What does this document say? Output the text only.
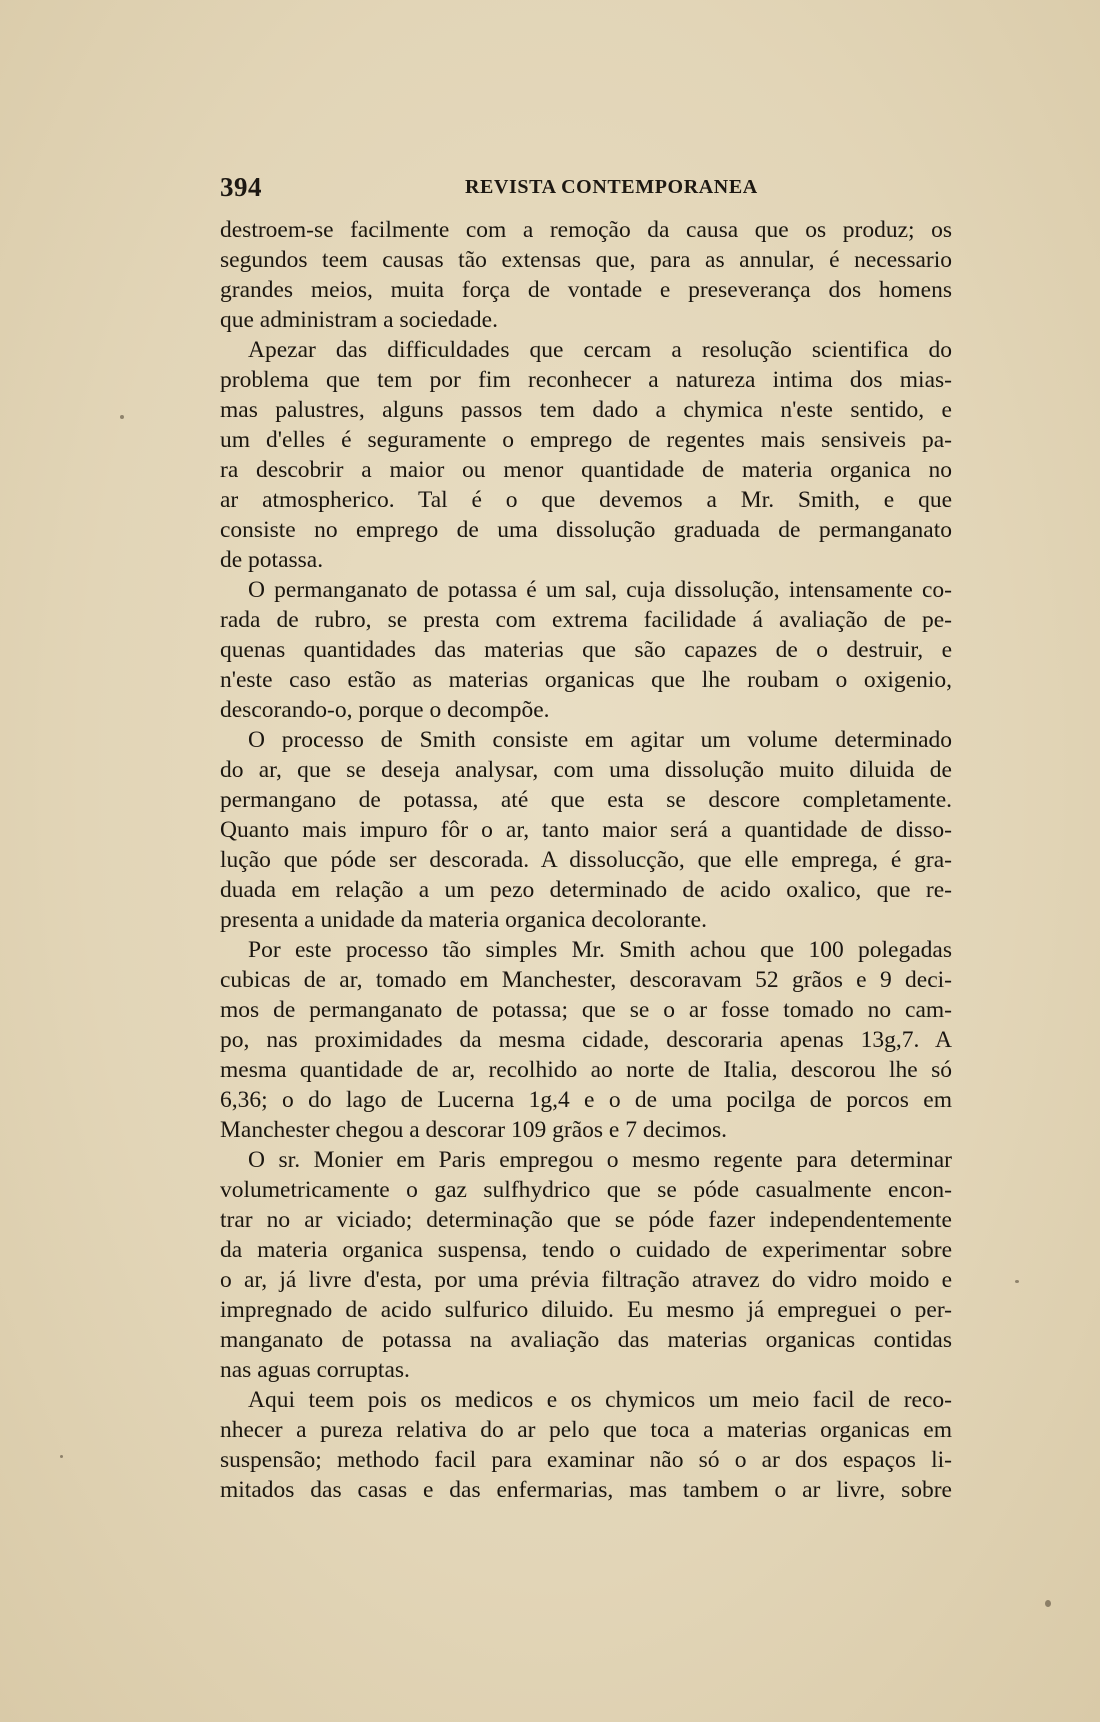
394	REVISTA CONTEMPORANEA
destroem-se facilmente com a remoção da causa que os produz; os
segundos teem causas tão extensas que, para as annular, é necessario
grandes meios, muita força de vontade e preseverança dos homens
que administram a sociedade.
Apezar das difficuldades que cercam a resolução scientifica do
problema que tem por fim reconhecer a natureza intima dos mias-
mas palustres, alguns passos tem dado a chymica n'este sentido, e
um d'elles é seguramente o emprego de regentes mais sensiveis pa-
ra descobrir a maior ou menor quantidade de materia organica no
ar atmospherico. Tal é o que devemos a Mr. Smith, e que
consiste no emprego de uma dissolução graduada de permanganato
de potassa.
O permanganato de potassa é um sal, cuja dissolução, intensamente co-
rada de rubro, se presta com extrema facilidade á avaliação de pe-
quenas quantidades das materias que são capazes de o destruir, e
n'este caso estão as materias organicas que lhe roubam o oxigenio,
descorando-o, porque o decompõe.
O processo de Smith consiste em agitar um volume determinado
do ar, que se deseja analysar, com uma dissolução muito diluida de
permangano de potassa, até que esta se descore completamente.
Quanto mais impuro fôr o ar, tanto maior será a quantidade de disso-
lução que póde ser descorada. A dissolucção, que elle emprega, é gra-
duada em relação a um pezo determinado de acido oxalico, que re-
presenta a unidade da materia organica decolorante.
Por este processo tão simples Mr. Smith achou que 100 polegadas
cubicas de ar, tomado em Manchester, descoravam 52 grãos e 9 deci-
mos de permanganato de potassa; que se o ar fosse tomado no cam-
po, nas proximidades da mesma cidade, descoraria apenas 13g,7. A
mesma quantidade de ar, recolhido ao norte de Italia, descorou lhe só
6,36; o do lago de Lucerna 1g,4 e o de uma pocilga de porcos em
Manchester chegou a descorar 109 grãos e 7 decimos.
O sr. Monier em Paris empregou o mesmo regente para determinar
volumetricamente o gaz sulfhydrico que se póde casualmente encon-
trar no ar viciado; determinação que se póde fazer independentemente
da materia organica suspensa, tendo o cuidado de experimentar sobre
o ar, já livre d'esta, por uma prévia filtração atravez do vidro moido e
impregnado de acido sulfurico diluido. Eu mesmo já empreguei o per-
manganato de potassa na avaliação das materias organicas contidas
nas aguas corruptas.
Aqui teem pois os medicos e os chymicos um meio facil de reco-
nhecer a pureza relativa do ar pelo que toca a materias organicas em
suspensão; methodo facil para examinar não só o ar dos espaços li-
mitados das casas e das enfermarias, mas tambem o ar livre, sobre
